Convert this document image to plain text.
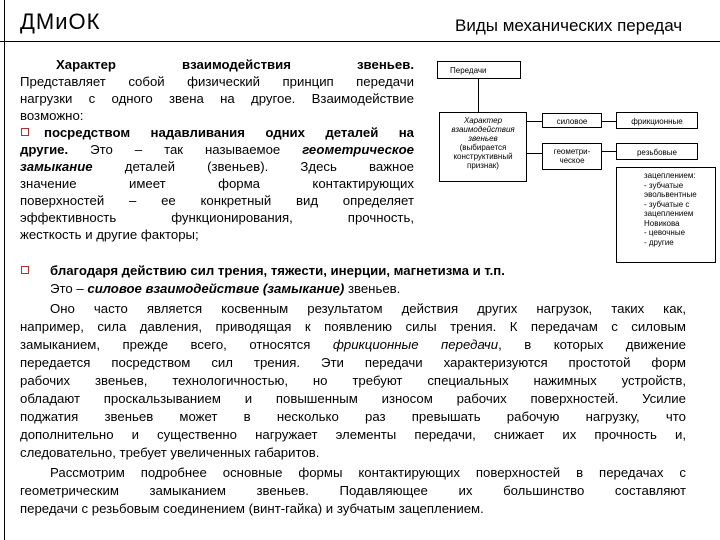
ДМиОК	Виды механических передач
Характер взаимодействия звеньев.
Представляет собой физический принцип передачи
нагрузки с одного звена на другое. Взаимодействие
возможно:
посредством надавливания одних деталей на
другие. Это – так называемое геометрическое
замыкание деталей (звеньев). Здесь важное
значение имеет форма контактирующих
поверхностей – ее конкретный вид определяет
эффективность функционирования, прочность,
жесткость и другие факторы;
Передачи
Характер
взаимодействия
звеньев
(выбирается
конструктивный
признак)
силовое
геометри-
ческое
фрикционные
резьбовые
зацеплением:
- зубчатые
эвольвентные
- зубчатые с
зацеплением
Новикова
- цевочные
- другие
благодаря действию сил трения, тяжести, инерции, магнетизма и т.п.
Это – силовое взаимодействие (замыкание) звеньев.
Оно часто является косвенным результатом действия других нагрузок, таких как,
например, сила давления, приводящая к появлению силы трения. К передачам с силовым
замыканием, прежде всего, относятся фрикционные передачи, в которых движение
передается посредством сил трения. Эти передачи характеризуются простотой форм
рабочих звеньев, технологичностью, но требуют специальных нажимных устройств,
обладают проскальзыванием и повышенным износом рабочих поверхностей. Усилие
поджатия звеньев может в несколько раз превышать рабочую нагрузку, что
дополнительно и существенно нагружает элементы передачи, снижает их прочность и,
следовательно, требует увеличенных габаритов.
Рассмотрим подробнее основные формы контактирующих поверхностей в передачах с
геометрическим замыканием звеньев. Подавляющее их большинство составляют
передачи с резьбовым соединением (винт-гайка) и зубчатым зацеплением.
